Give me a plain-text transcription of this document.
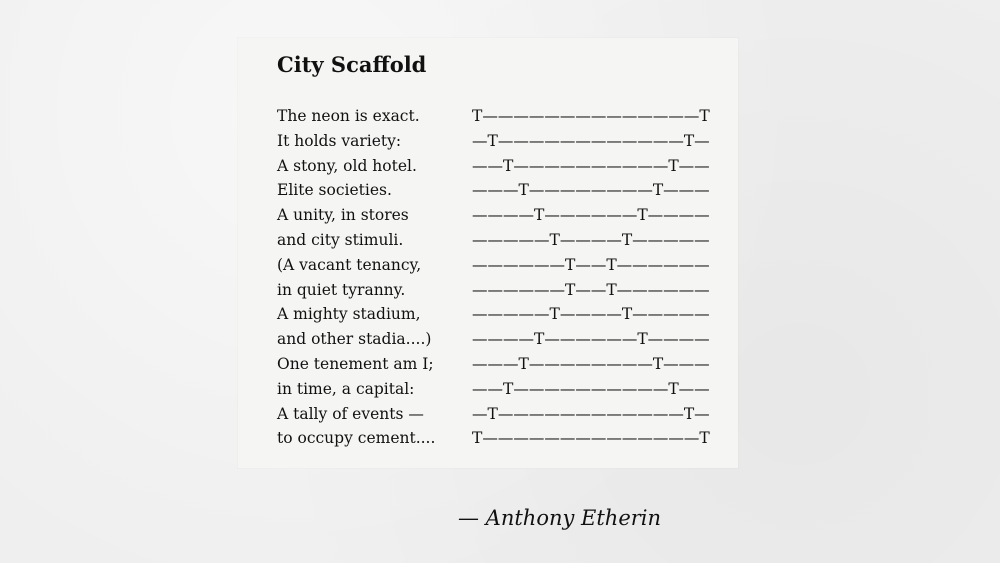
City Scaffold
The neon is exact.	T——————————————T
It holds variety:	—T————————————T—
A stony, old hotel.	——T——————————T——
Elite societies.	———T————————T———
A unity, in stores	————T——————T————
and city stimuli.	—————T————T—————
(A vacant tenancy,	——————T——T——————
in quiet tyranny.	——————T——T——————
A mighty stadium,	—————T————T—————
and other stadia....)	————T——————T————
One tenement am I;	———T————————T———
in time, a capital:	——T——————————T——
A tally of events —	—T————————————T—
to occupy cement....	T——————————————T
— Anthony Etherin
